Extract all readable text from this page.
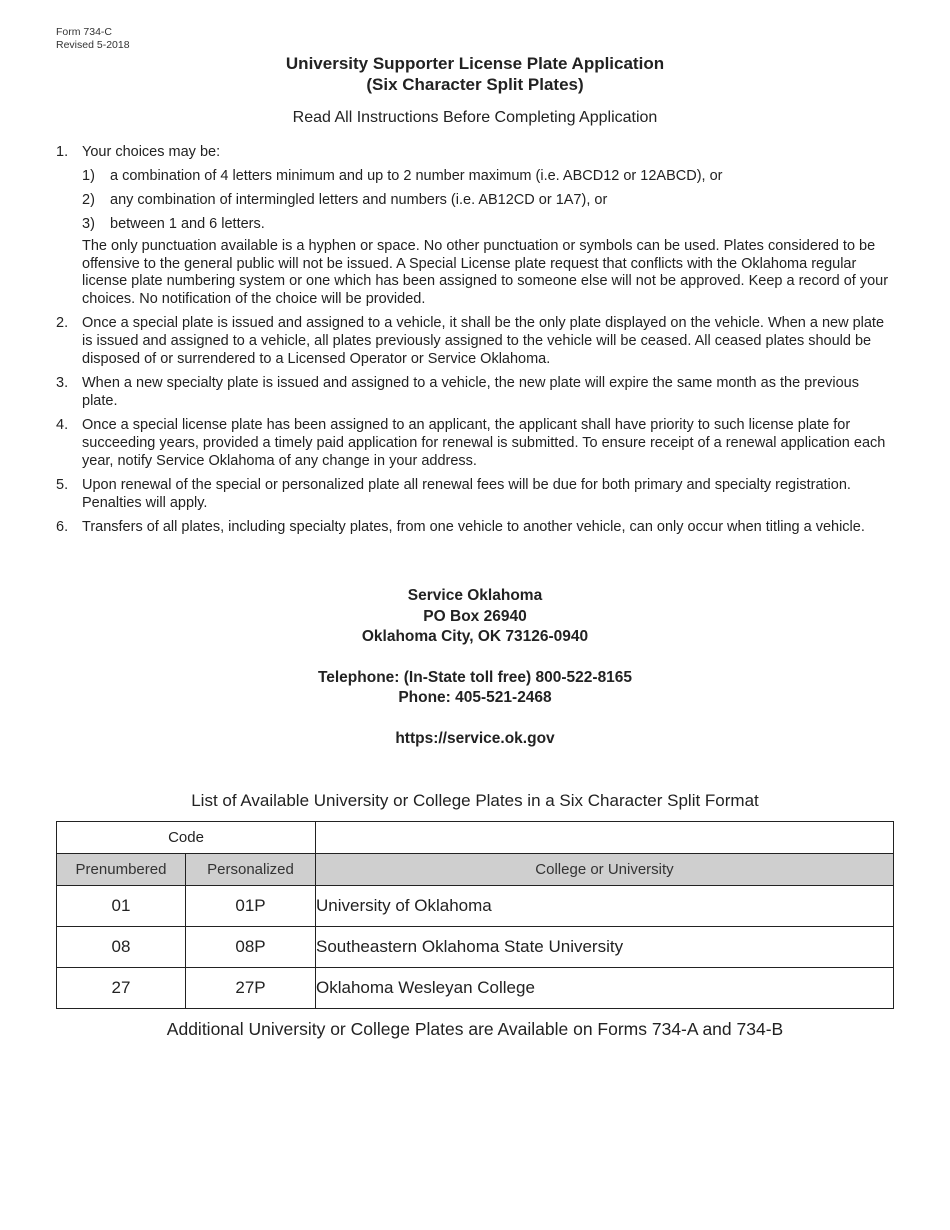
Form 734-C
Revised 5-2018
University Supporter License Plate Application
(Six Character Split Plates)
Read All Instructions Before Completing Application
1. Your choices may be:
1) a combination of 4 letters minimum and up to 2 number maximum (i.e. ABCD12 or 12ABCD), or
2) any combination of intermingled letters and numbers (i.e. AB12CD or 1A7), or
3) between 1 and 6 letters.
The only punctuation available is a hyphen or space. No other punctuation or symbols can be used. Plates considered to be offensive to the general public will not be issued. A Special License plate request that conflicts with the Oklahoma regular license plate numbering system or one which has been assigned to someone else will not be approved. Keep a record of your choices. No notification of the choice will be provided.
2. Once a special plate is issued and assigned to a vehicle, it shall be the only plate displayed on the vehicle. When a new plate is issued and assigned to a vehicle, all plates previously assigned to the vehicle will be ceased. All ceased plates should be disposed of or surrendered to a Licensed Operator or Service Oklahoma.
3. When a new specialty plate is issued and assigned to a vehicle, the new plate will expire the same month as the previous plate.
4. Once a special license plate has been assigned to an applicant, the applicant shall have priority to such license plate for succeeding years, provided a timely paid application for renewal is submitted. To ensure receipt of a renewal application each year, notify Service Oklahoma of any change in your address.
5. Upon renewal of the special or personalized plate all renewal fees will be due for both primary and specialty registration. Penalties will apply.
6. Transfers of all plates, including specialty plates, from one vehicle to another vehicle, can only occur when titling a vehicle.
Service Oklahoma
PO Box 26940
Oklahoma City, OK 73126-0940
Telephone: (In-State toll free) 800-522-8165
Phone: 405-521-2468
https://service.ok.gov
List of Available University or College Plates in a Six Character Split Format
Code		
Prenumbered	Personalized	College or University
01	01P	University of Oklahoma
08	08P	Southeastern Oklahoma State University
27	27P	Oklahoma Wesleyan College
Additional University or College Plates are Available on Forms 734-A and 734-B
